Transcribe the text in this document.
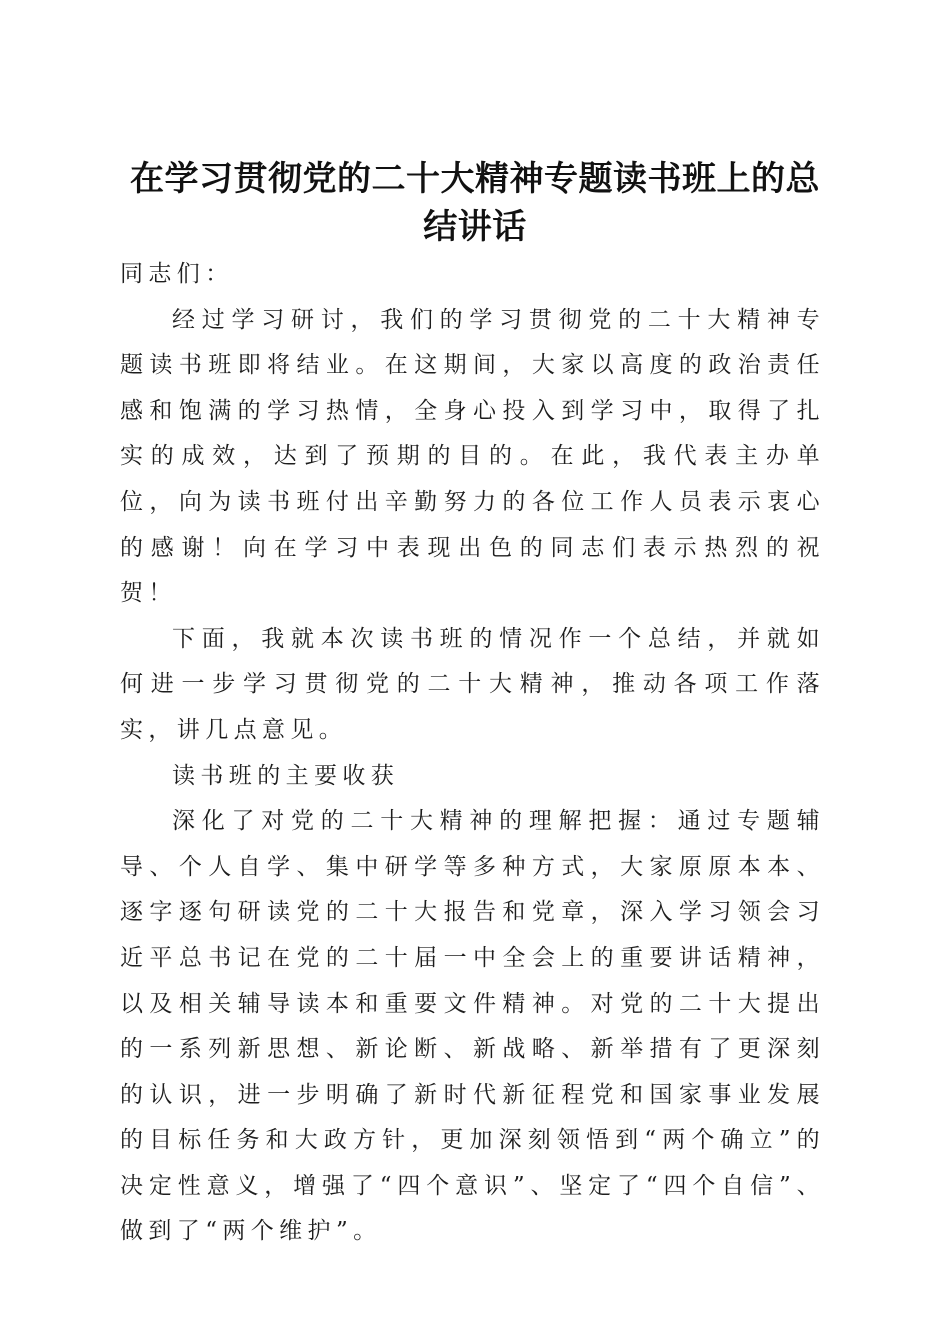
在学习贯彻党的二十大精神专题读书班上的总
结讲话

同志们：

经过学习研讨，我们的学习贯彻党的二十大精神专题读书班即将结业。在这期间，大家以高度的政治责任感和饱满的学习热情，全身心投入到学习中，取得了扎实的成效，达到了预期的目的。在此，我代表主办单位，向为读书班付出辛勤努力的各位工作人员表示衷心的感谢！向在学习中表现出色的同志们表示热烈的祝贺！

下面，我就本次读书班的情况作一个总结，并就如何进一步学习贯彻党的二十大精神，推动各项工作落实，讲几点意见。

读书班的主要收获

深化了对党的二十大精神的理解把握：通过专题辅导、个人自学、集中研学等多种方式，大家原原本本、逐字逐句研读党的二十大报告和党章，深入学习领会习近平总书记在党的二十届一中全会上的重要讲话精神，以及相关辅导读本和重要文件精神。对党的二十大提出的一系列新思想、新论断、新战略、新举措有了更深刻的认识，进一步明确了新时代新征程党和国家事业发展的目标任务和大政方针，更加深刻领悟到“两个确立”的决定性意义，增强了“四个意识”、坚定了“四个自信”、做到了“两个维护”。
